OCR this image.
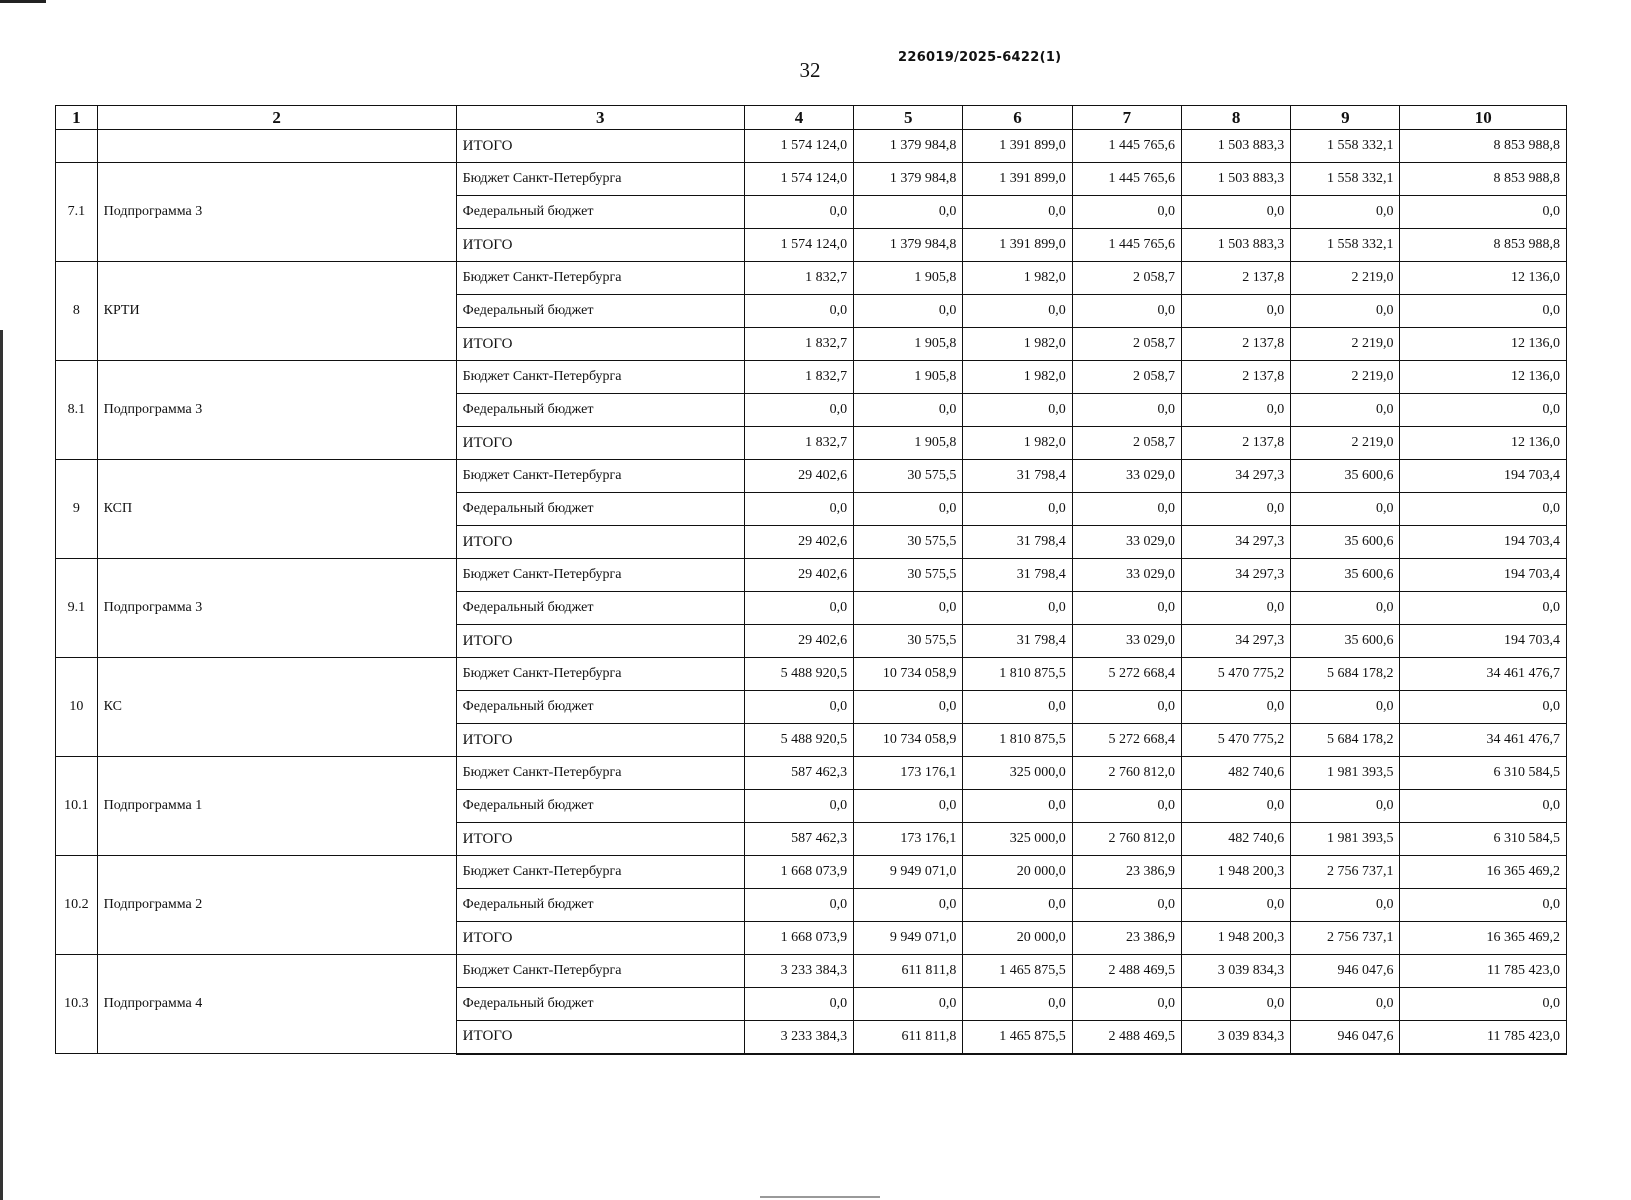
32
226019/2025-6422(1)
1	2	3	4	5	6	7	8	9	10
		ИТОГО	1 574 124,0	1 379 984,8	1 391 899,0	1 445 765,6	1 503 883,3	1 558 332,1	8 853 988,8
7.1	Подпрограмма 3	Бюджет Санкт-Петербурга	1 574 124,0	1 379 984,8	1 391 899,0	1 445 765,6	1 503 883,3	1 558 332,1	8 853 988,8
		Федеральный бюджет	0,0	0,0	0,0	0,0	0,0	0,0	0,0
		ИТОГО	1 574 124,0	1 379 984,8	1 391 899,0	1 445 765,6	1 503 883,3	1 558 332,1	8 853 988,8
8	КРТИ	Бюджет Санкт-Петербурга	1 832,7	1 905,8	1 982,0	2 058,7	2 137,8	2 219,0	12 136,0
		Федеральный бюджет	0,0	0,0	0,0	0,0	0,0	0,0	0,0
		ИТОГО	1 832,7	1 905,8	1 982,0	2 058,7	2 137,8	2 219,0	12 136,0
8.1	Подпрограмма 3	Бюджет Санкт-Петербурга	1 832,7	1 905,8	1 982,0	2 058,7	2 137,8	2 219,0	12 136,0
		Федеральный бюджет	0,0	0,0	0,0	0,0	0,0	0,0	0,0
		ИТОГО	1 832,7	1 905,8	1 982,0	2 058,7	2 137,8	2 219,0	12 136,0
9	КСП	Бюджет Санкт-Петербурга	29 402,6	30 575,5	31 798,4	33 029,0	34 297,3	35 600,6	194 703,4
		Федеральный бюджет	0,0	0,0	0,0	0,0	0,0	0,0	0,0
		ИТОГО	29 402,6	30 575,5	31 798,4	33 029,0	34 297,3	35 600,6	194 703,4
9.1	Подпрограмма 3	Бюджет Санкт-Петербурга	29 402,6	30 575,5	31 798,4	33 029,0	34 297,3	35 600,6	194 703,4
		Федеральный бюджет	0,0	0,0	0,0	0,0	0,0	0,0	0,0
		ИТОГО	29 402,6	30 575,5	31 798,4	33 029,0	34 297,3	35 600,6	194 703,4
10	КС	Бюджет Санкт-Петербурга	5 488 920,5	10 734 058,9	1 810 875,5	5 272 668,4	5 470 775,2	5 684 178,2	34 461 476,7
		Федеральный бюджет	0,0	0,0	0,0	0,0	0,0	0,0	0,0
		ИТОГО	5 488 920,5	10 734 058,9	1 810 875,5	5 272 668,4	5 470 775,2	5 684 178,2	34 461 476,7
10.1	Подпрограмма 1	Бюджет Санкт-Петербурга	587 462,3	173 176,1	325 000,0	2 760 812,0	482 740,6	1 981 393,5	6 310 584,5
		Федеральный бюджет	0,0	0,0	0,0	0,0	0,0	0,0	0,0
		ИТОГО	587 462,3	173 176,1	325 000,0	2 760 812,0	482 740,6	1 981 393,5	6 310 584,5
10.2	Подпрограмма 2	Бюджет Санкт-Петербурга	1 668 073,9	9 949 071,0	20 000,0	23 386,9	1 948 200,3	2 756 737,1	16 365 469,2
		Федеральный бюджет	0,0	0,0	0,0	0,0	0,0	0,0	0,0
		ИТОГО	1 668 073,9	9 949 071,0	20 000,0	23 386,9	1 948 200,3	2 756 737,1	16 365 469,2
10.3	Подпрограмма 4	Бюджет Санкт-Петербурга	3 233 384,3	611 811,8	1 465 875,5	2 488 469,5	3 039 834,3	946 047,6	11 785 423,0
		Федеральный бюджет	0,0	0,0	0,0	0,0	0,0	0,0	0,0
		ИТОГО	3 233 384,3	611 811,8	1 465 875,5	2 488 469,5	3 039 834,3	946 047,6	11 785 423,0
